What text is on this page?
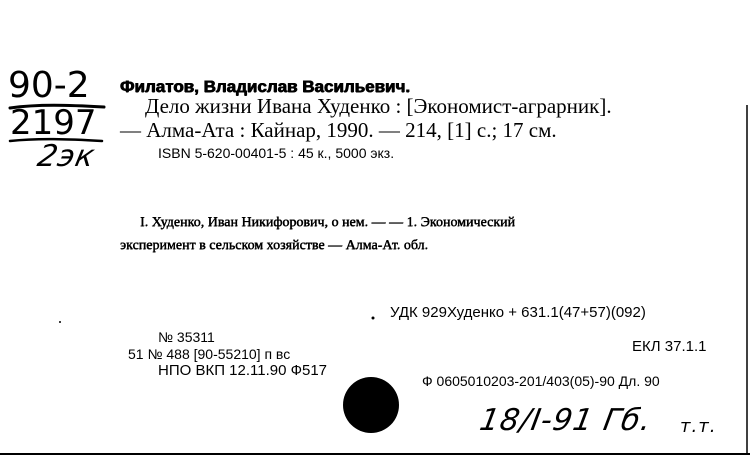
90-2
2197
2эк
Филатов, Владислав Васильевич.
Дело жизни Ивана Худенко : [Экономист-аграрник].
— Алма-Ата : Кайнар, 1990. — 214, [1] с.; 17 см.
ISBN 5-620-00401-5 : 45 к., 5000 экз.
I. Худенко, Иван Никифорович, о нем. — — 1. Экономический
эксперимент в сельском хозяйстве — Алма-Ат. обл.
УДК 929Худенко + 631.1(47+57)(092)
ЕКЛ 37.1.1
Ф 0605010203-201/403(05)-90 Дл. 90
№ 35311
51 № 488 [90-55210] п вс
НПО ВКП 12.11.90 Ф517
18/I-91 Гб. т.т.
